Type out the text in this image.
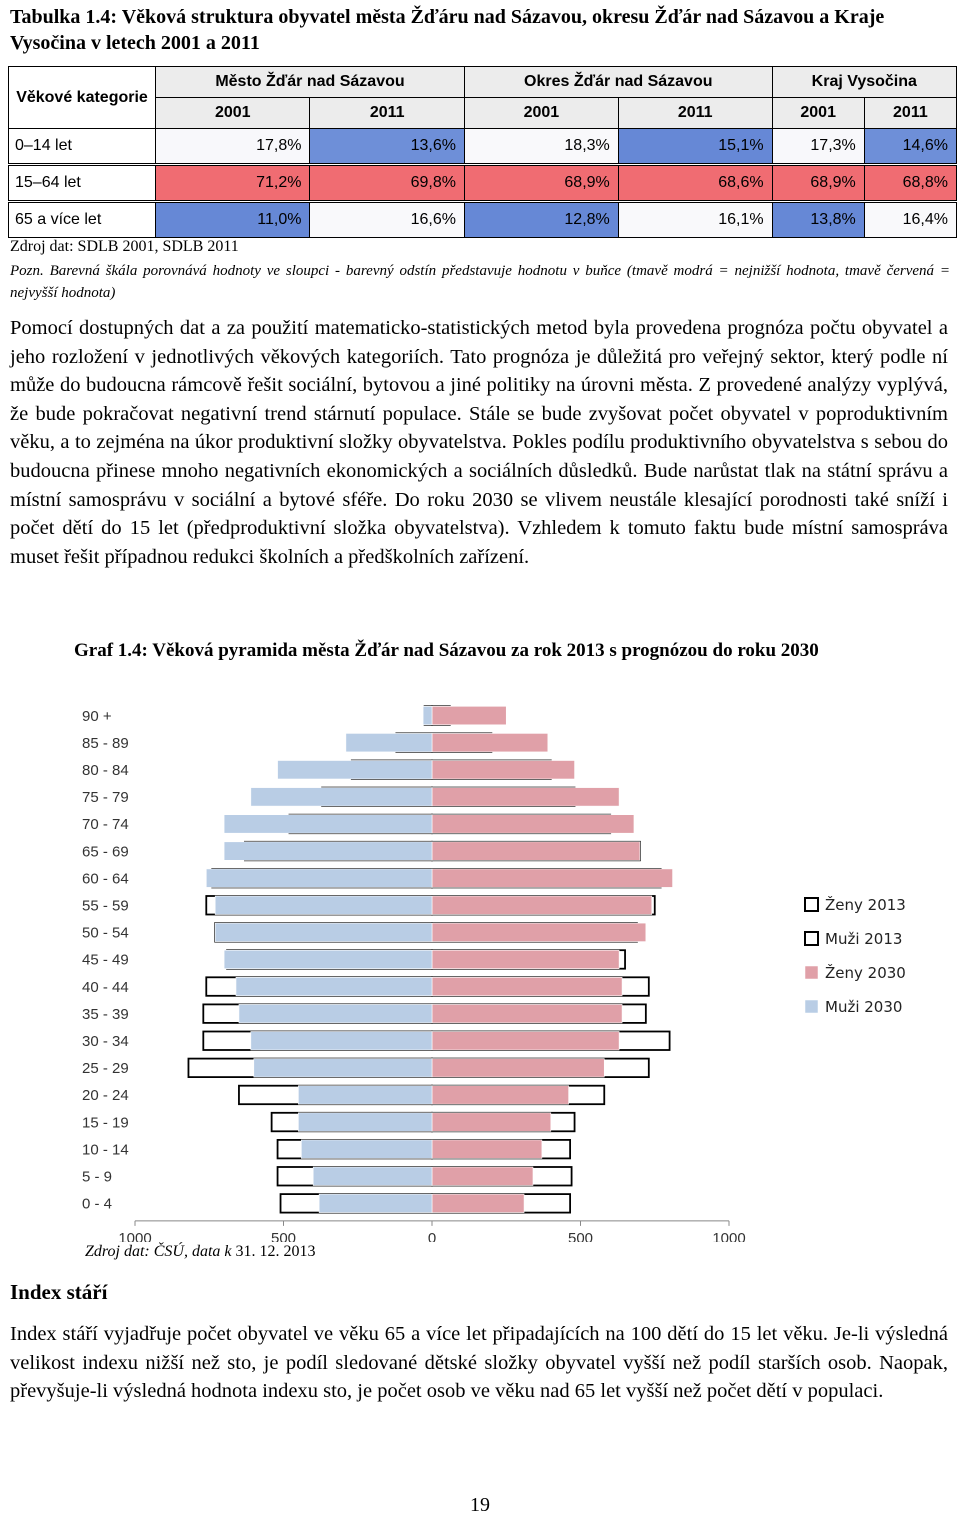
Tabulka 1.4: Věková struktura obyvatel města Žďáru nad Sázavou, okresu Žďár nad Sázavou a Kraje Vysočina v letech 2001 a 2011
Věkové kategorie	Město Žďár nad Sázavou		Okres Žďár nad Sázavou		Kraj Vysočina	
	2001	2011	2001	2011	2001	2011
0–14 let	17,8%	13,6%	18,3%	15,1%	17,3%	14,6%

15–64 let	71,2%	69,8%	68,9%	68,6%	68,9%	68,8%

65 a více let	11,0%	16,6%	12,8%	16,1%	13,8%	16,4%
Zdroj dat: SDLB 2001, SDLB 2011
Pozn. Barevná škála porovnává hodnoty ve sloupci - barevný odstín představuje hodnotu v buňce (tmavě modrá = nejnižší hodnota, tmavě červená = nejvyšší hodnota)

Pomocí dostupných dat a za použití matematicko-statistických metod byla provedena prognóza počtu obyvatel a jeho rozložení v jednotlivých věkových kategoriích. Tato prognóza je důležitá pro veřejný sektor, který podle ní může do budoucna rámcově řešit sociální, bytovou a jiné politiky na úrovni města. Z provedené analýzy vyplývá, že bude pokračovat negativní trend stárnutí populace. Stále se bude zvyšovat počet obyvatel v poproduktivním věku, a to zejména na úkor produktivní složky obyvatelstva. Pokles podílu produktivního obyvatelstva s sebou do budoucna přinese mnoho negativních ekonomických a sociálních důsledků. Bude narůstat tlak na státní správu a místní samosprávu v sociální a bytové sféře. Do roku 2030 se vlivem neustále klesající porodnosti také sníží i počet dětí do 15 let (předproduktivní složka obyvatelstva). Vzhledem k tomuto faktu bude místní samospráva muset řešit případnou redukci školních a předškolních zařízení.

Graf 1.4: Věková pyramida města Žďár nad Sázavou za rok 2013 s prognózou do roku 2030
1000	500	0	500	1000
0 - 4
5 - 9
10 - 14
15 - 19
20 - 24
25 - 29
30 - 34
35 - 39
40 - 44
45 - 49
50 - 54
55 - 59
60 - 64
65 - 69
70 - 74
75 - 79
80 - 84
85 - 89
90 +
Ženy 2013
Muži 2013
Ženy 2030
Muži 2030
Zdroj dat: ČSÚ, data k 31. 12. 2013
Index stáří

Index stáří vyjadřuje počet obyvatel ve věku 65 a více let připadajících na 100 dětí do 15 let věku. Je-li výsledná velikost indexu nižší než sto, je podíl sledované dětské složky obyvatel vyšší než podíl starších osob. Naopak, převyšuje-li výsledná hodnota indexu sto, je počet osob ve věku nad 65 let vyšší než počet dětí v populaci.

19
